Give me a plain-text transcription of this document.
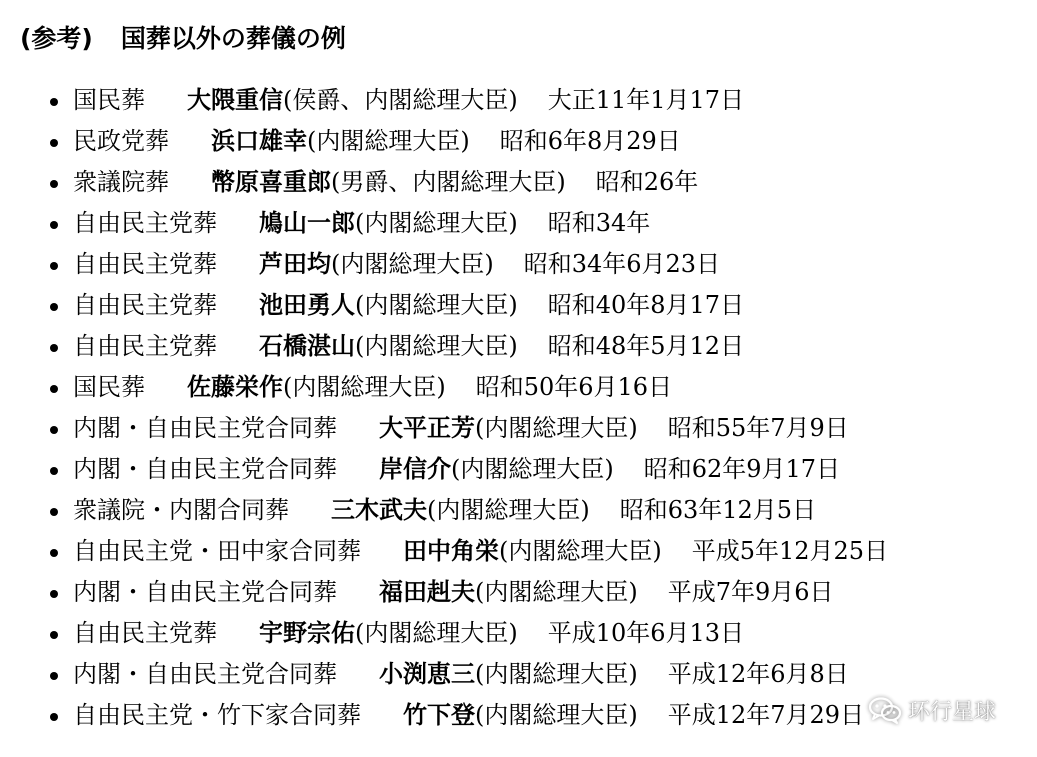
(参考) 国葬以外の葬儀の例
国民葬 大隈重信(侯爵、内閣総理大臣) 大正11年1月17日
民政党葬 浜口雄幸(内閣総理大臣) 昭和6年8月29日
衆議院葬 幣原喜重郎(男爵、内閣総理大臣) 昭和26年
自由民主党葬 鳩山一郎(内閣総理大臣) 昭和34年
自由民主党葬 芦田均(内閣総理大臣) 昭和34年6月23日
自由民主党葬 池田勇人(内閣総理大臣) 昭和40年8月17日
自由民主党葬 石橋湛山(内閣総理大臣) 昭和48年5月12日
国民葬 佐藤栄作(内閣総理大臣) 昭和50年6月16日
内閣・自由民主党合同葬 大平正芳(内閣総理大臣) 昭和55年7月9日
内閣・自由民主党合同葬 岸信介(内閣総理大臣) 昭和62年9月17日
衆議院・内閣合同葬 三木武夫(内閣総理大臣) 昭和63年12月5日
自由民主党・田中家合同葬 田中角栄(内閣総理大臣) 平成5年12月25日
内閣・自由民主党合同葬 福田赳夫(内閣総理大臣) 平成7年9月6日
自由民主党葬 宇野宗佑(内閣総理大臣) 平成10年6月13日
内閣・自由民主党合同葬 小渕恵三(内閣総理大臣) 平成12年6月8日
自由民主党・竹下家合同葬 竹下登(内閣総理大臣) 平成12年7月29日	环行星球
